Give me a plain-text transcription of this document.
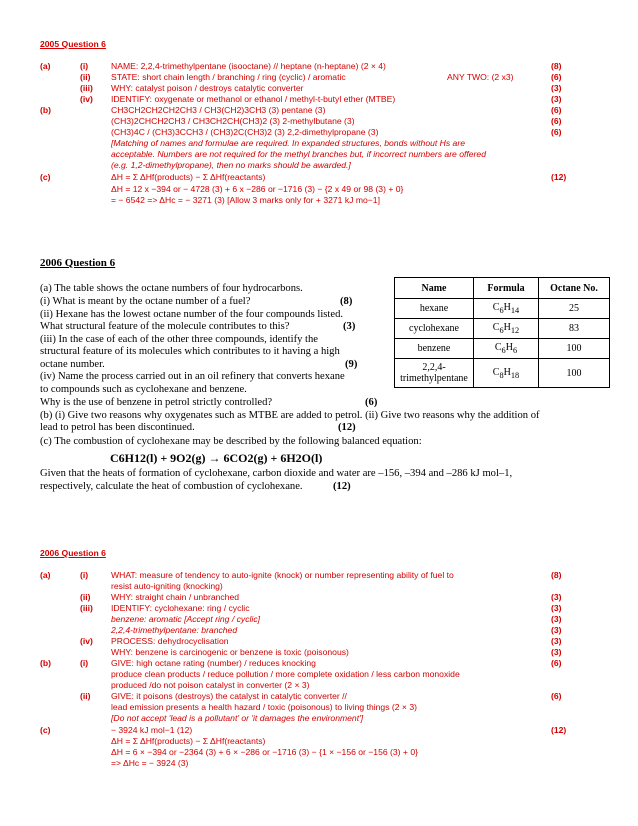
2005 Question 6
(a)	(i)	NAME: 2,2,4-trimethylpentane (isooctane) // heptane (n-heptane) (2 × 4)	(8)
(ii) STATE: short chain length / branching / ring (cyclic) / aromatic	ANY TWO: (2 x3)	(6)
(iii) WHY: catalyst poison / destroys catalytic converter	(3)
(iv) IDENTIFY: oxygenate or methanol or ethanol / methyl-t-butyl ether (MTBE)	(3)
(b)	CH3CH2CH2CH2CH3 / CH3(CH2)3CH3 (3) pentane (3)	(6)
(CH3)2CHCH2CH3 / CH3CH2CH(CH3)2 (3) 2-methylbutane (3)	(6)
(CH3)4C / (CH3)3CCH3 / (CH3)2C(CH3)2 (3) 2,2-dimethylpropane (3)	(6)
[Matching of names and formulae are required. In expanded structures, bonds without Hs are
acceptable. Numbers are not required for the methyl branches but, if incorrect numbers are offered
(e.g. 1,2-dimethylpropane), then no marks should be awarded.]
(c)	ΔH = Σ ΔHf(products) − Σ ΔHf(reactants)	(12)
ΔH = 12 x −394 or − 4728 (3) + 6 x −286 or −1716 (3) − {2 x 49 or 98 (3) + 0}
= − 6542 => ΔHc = − 3271 (3) [Allow 3 marks only for + 3271 kJ mo−1]
2006 Question 6
(a) The table shows the octane numbers of four hydrocarbons.
(i) What is meant by the octane number of a fuel?
(ii) Hexane has the lowest octane number of the four compounds listed.
What structural feature of the molecule contributes to this?
(iii) In the case of each of the other three compounds, identify the
structural feature of its molecules which contributes to it having a high
octane number.
(iv) Name the process carried out in an oil refinery that converts hexane
to compounds such as cyclohexane and benzene.
Why is the use of benzene in petrol strictly controlled?
(b) (i) Give two reasons why oxygenates such as MTBE are added to petrol. (ii) Give two reasons why the addition of
lead to petrol has been discontinued.
(c) The combustion of cyclohexane may be described by the following balanced equation:
C6H12(l) + 9O2(g) → 6CO2(g) + 6H2O(l)
Given that the heats of formation of cyclohexane, carbon dioxide and water are –156, –394 and –286 kJ mol–1,
respectively, calculate the heat of combustion of cyclohexane.
(8)
(3)
(9)
(6)
(12)
(12)
Name	Formula	Octane No.
hexane	$C_6H_{14}$	25
cyclohexane	$C_6H_{12}$	83
benzene	$C_6H_6$	100
2,2,4-
trimethylpentane	$C_8H_{18}$	100
2006 Question 6
(a)	(i)	WHAT: measure of tendency to auto-ignite (knock) or number representing ability of fuel to	(8)
resist auto-igniting (knocking)
(ii) WHY: straight chain / unbranched	(3)
(iii) IDENTIFY: cyclohexane: ring / cyclic	(3)
benzene: aromatic [Accept ring / cyclic]	(3)
2,2,4-trimethylpentane: branched	(3)
(iv) PROCESS: dehydrocyclisation	(3)
WHY: benzene is carcinogenic or benzene is toxic (poisonous)	(3)
(b)	(i)	GIVE: high octane rating (number) / reduces knocking	(6)
produce clean products / reduce pollution / more complete oxidation / less carbon monoxide
produced /do not poison catalyst in converter (2 × 3)
(ii) GIVE: it poisons (destroys) the catalyst in catalytic converter //	(6)
lead emission presents a health hazard / toxic (poisonous) to living things (2 × 3)
[Do not accept 'lead is a pollutant' or 'it damages the environment']
(c)	− 3924 kJ mol−1 (12)	(12)
ΔH = Σ ΔHf(products) − Σ ΔHf(reactants)
ΔH = 6 × −394 or −2364 (3) + 6 × −286 or −1716 (3) − {1 × −156 or −156 (3) + 0}
=> ΔHc = − 3924 (3)
